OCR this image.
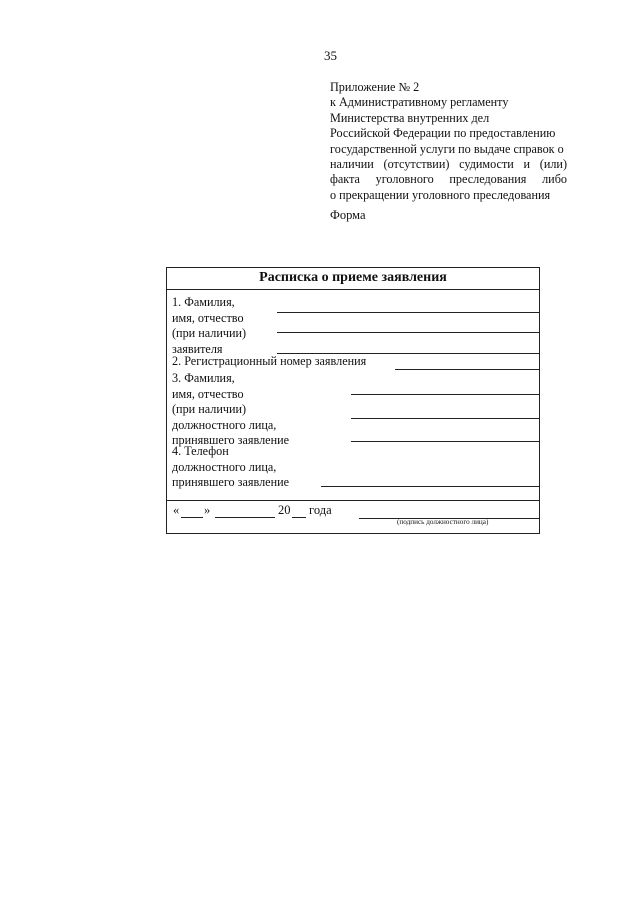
35
Приложение № 2
к Административному регламенту
Министерства внутренних дел
Российской Федерации по предоставлению
государственной услуги по выдаче справок о
наличии (отсутствии) судимости и (или)
факта уголовного преследования либо
о прекращении уголовного преследования
Форма
Расписка о приеме заявления
1. Фамилия,
имя, отчество
(при наличии)
заявителя
2. Регистрационный номер заявления
3. Фамилия,
имя, отчество
(при наличии)
должностного лица,
принявшего заявление
4. Телефон
должностного лица,
принявшего заявление
« »	20 года
(подпись должностного лица)
